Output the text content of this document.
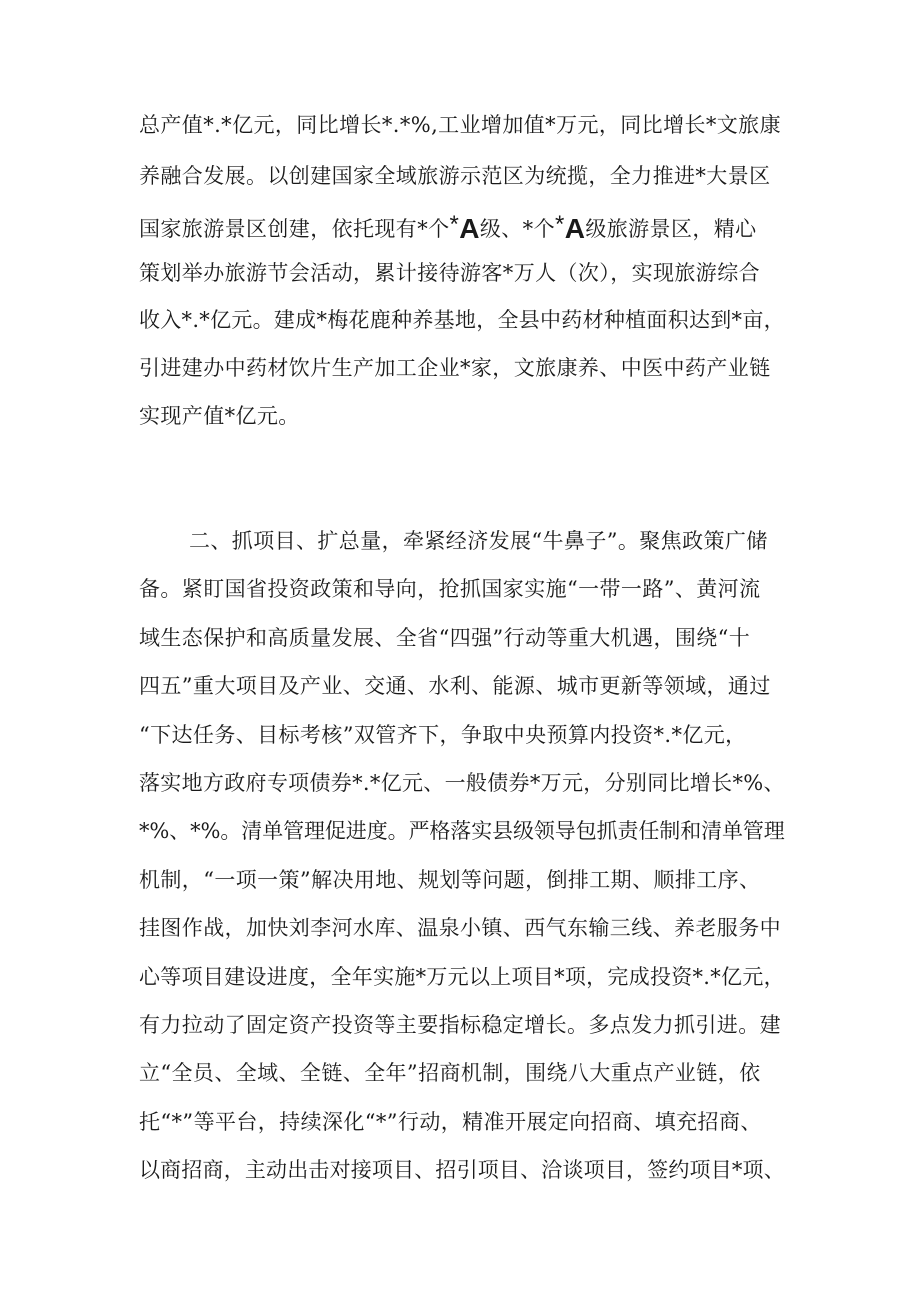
总产值*.*亿元，同比增长*.*%,工业增加值*万元，同比增长*文旅康
养融合发展。以创建国家全域旅游示范区为统揽，全力推进*大景区
国家旅游景区创建，依托现有*个*A级、*个*A级旅游景区，精心
策划举办旅游节会活动，累计接待游客*万人（次），实现旅游综合
收入*.*亿元。建成*梅花鹿种养基地，全县中药材种植面积达到*亩，
引进建办中药材饮片生产加工企业*家，文旅康养、中医中药产业链
实现产值*亿元。
二、抓项目、扩总量，牵紧经济发展“牛鼻子”。聚焦政策广储
备。紧盯国省投资政策和导向，抢抓国家实施“一带一路”、黄河流
域生态保护和高质量发展、全省“四强”行动等重大机遇，围绕“十
四五”重大项目及产业、交通、水利、能源、城市更新等领域，通过
“下达任务、目标考核”双管齐下，争取中央预算内投资*.*亿元，
落实地方政府专项债券*.*亿元、一般债券*万元，分别同比增长*%、
*%、*%。清单管理促进度。严格落实县级领导包抓责任制和清单管理
机制，“一项一策”解决用地、规划等问题，倒排工期、顺排工序、
挂图作战，加快刘李河水库、温泉小镇、西气东输三线、养老服务中
心等项目建设进度，全年实施*万元以上项目*项，完成投资*.*亿元，
有力拉动了固定资产投资等主要指标稳定增长。多点发力抓引进。建
立“全员、全域、全链、全年”招商机制，围绕八大重点产业链，依
托“*”等平台，持续深化“*”行动，精准开展定向招商、填充招商、
以商招商，主动出击对接项目、招引项目、洽谈项目，签约项目*项、
